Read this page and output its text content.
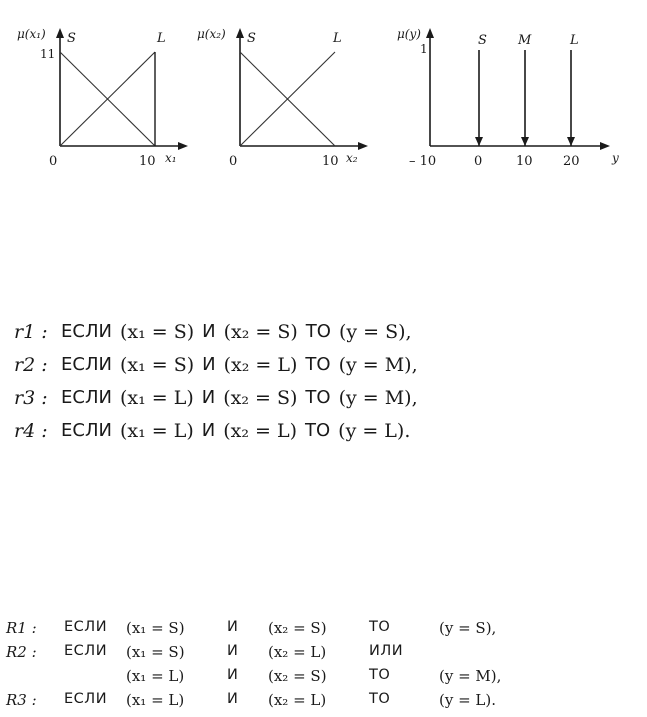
μ(x₁)
11
S	L
0	10 x₁
μ(x₂) S	L
0	10 x₂
μ(y)
1
S M	L
– 10	0	10 20	y
r1 : ЕСЛИ (x₁ = S) И (x₂ = S) ТО (y = S),
r2 : ЕСЛИ (x₁ = S) И (x₂ = L) ТО (y = M),
r3 : ЕСЛИ (x₁ = L) И (x₂ = S) ТО (y = M),
r4 : ЕСЛИ (x₁ = L) И (x₂ = L) ТО (y = L).
R1 : ЕСЛИ (x₁ = S)	И (x₂ = S)	ТО	(y = S),
R2 : ЕСЛИ (x₁ = S)	И (x₂ = L)	ИЛИ
(x₁ = L)	И (x₂ = S)	ТО	(y = M),
R3 : ЕСЛИ (x₁ = L)	И (x₂ = L)	ТО	(y = L).
